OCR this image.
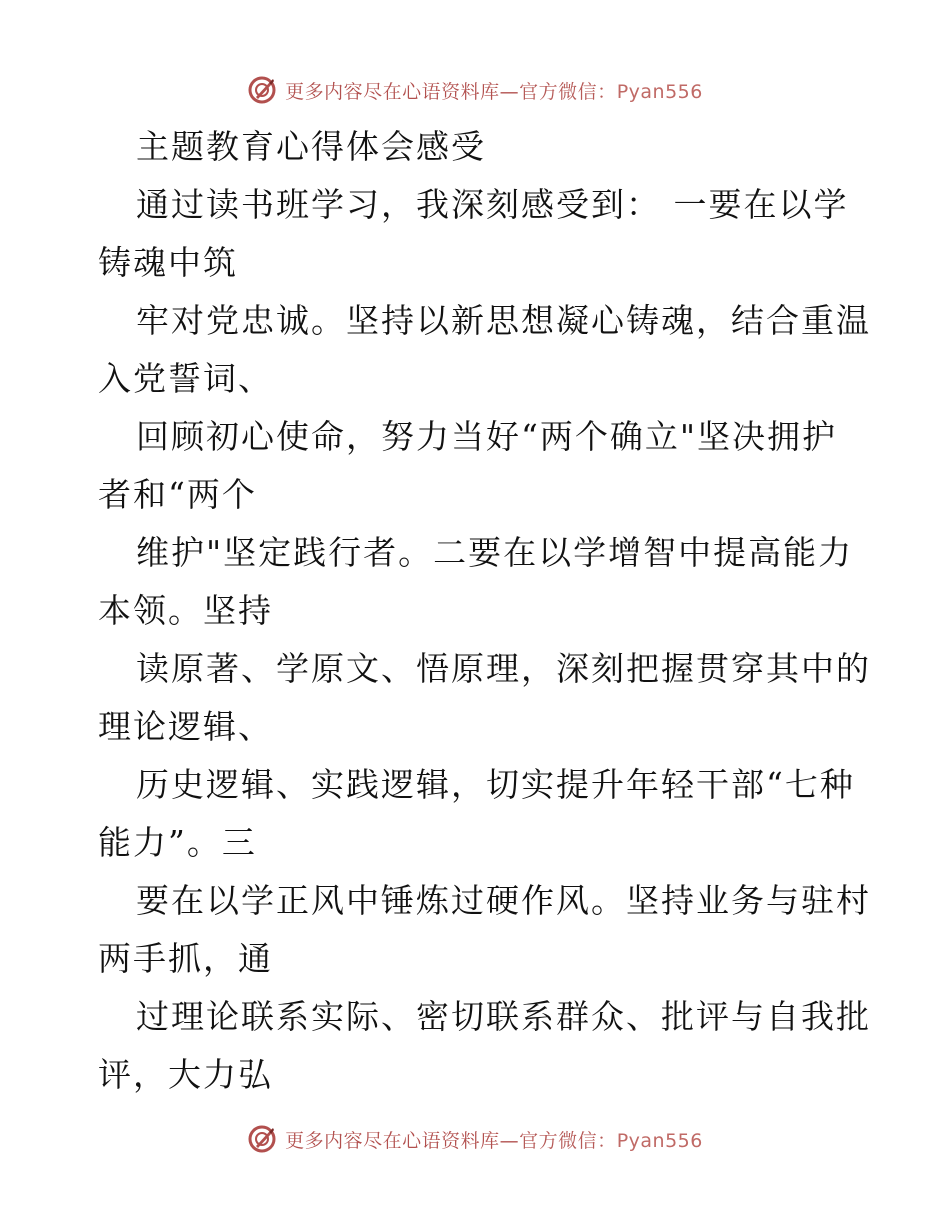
更多内容尽在心语资料库—官方微信：Pyan556
主题教育心得体会感受
通过读书班学习，我深刻感受到： 一要在以学
铸魂中筑
牢对党忠诚。坚持以新思想凝心铸魂，结合重温
入党誓词、
回顾初心使命，努力当好“两个确立"坚决拥护
者和“两个
维护"坚定践行者。二要在以学增智中提高能力
本领。坚持
读原著、学原文、悟原理，深刻把握贯穿其中的
理论逻辑、
历史逻辑、实践逻辑，切实提升年轻干部“七种
能力”。三
要在以学正风中锤炼过硬作风。坚持业务与驻村
两手抓，通
过理论联系实际、密切联系群众、批评与自我批
评，大力弘
更多内容尽在心语资料库—官方微信：Pyan556
